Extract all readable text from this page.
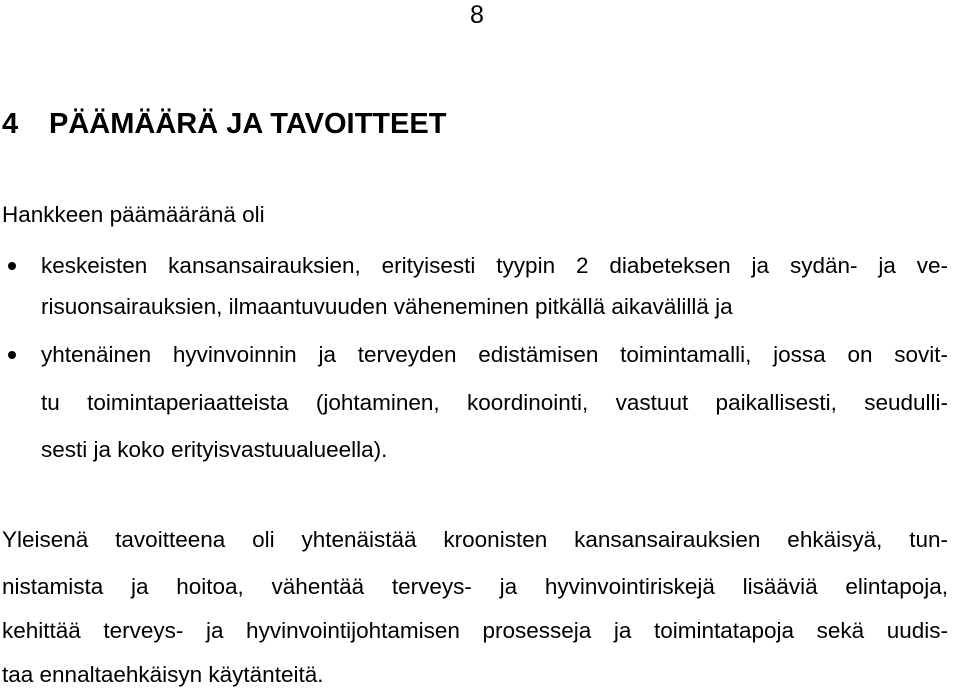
8
4 PÄÄMÄÄRÄ JA TAVOITTEET
Hankkeen päämääränä oli
keskeisten kansansairauksien, erityisesti tyypin 2 diabeteksen ja sydän- ja ve-
risuonsairauksien, ilmaantuvuuden väheneminen pitkällä aikavälillä ja
yhtenäinen hyvinvoinnin ja terveyden edistämisen toimintamalli, jossa on sovit-
tu toimintaperiaatteista (johtaminen, koordinointi, vastuut paikallisesti, seudulli-
sesti ja koko erityisvastuualueella).
Yleisenä tavoitteena oli yhtenäistää kroonisten kansansairauksien ehkäisyä, tun-
nistamista ja hoitoa, vähentää terveys- ja hyvinvointiriskejä lisääviä elintapoja,
kehittää terveys- ja hyvinvointijohtamisen prosesseja ja toimintatapoja sekä uudis-
taa ennaltaehkäisyn käytänteitä.
